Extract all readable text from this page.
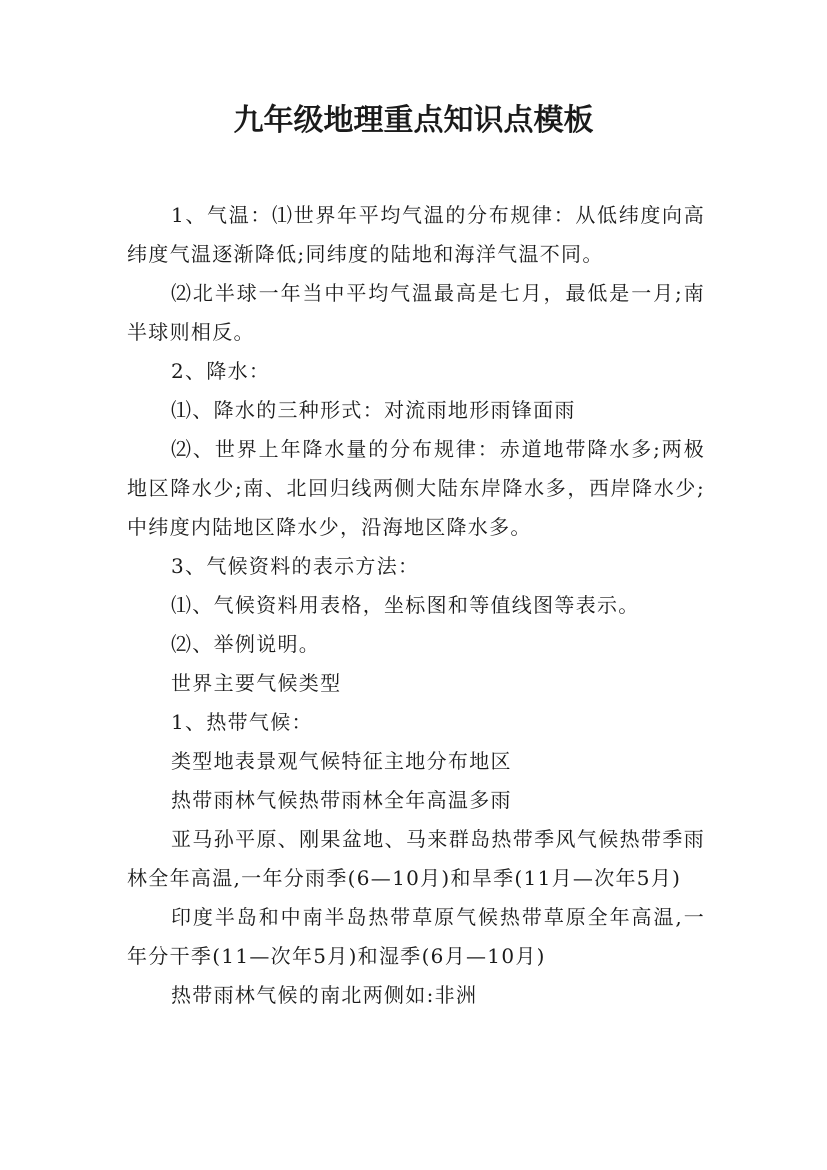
九年级地理重点知识点模板

1、气温：⑴世界年平均气温的分布规律：从低纬度向高纬度气温逐渐降低;同纬度的陆地和海洋气温不同。

⑵北半球一年当中平均气温最高是七月，最低是一月;南半球则相反。

2、降水：

⑴、降水的三种形式：对流雨地形雨锋面雨

⑵、世界上年降水量的分布规律：赤道地带降水多;两极地区降水少;南、北回归线两侧大陆东岸降水多，西岸降水少;中纬度内陆地区降水少，沿海地区降水多。

3、气候资料的表示方法：

⑴、气候资料用表格，坐标图和等值线图等表示。

⑵、举例说明。

世界主要气候类型

1、热带气候：

类型地表景观气候特征主地分布地区

热带雨林气候热带雨林全年高温多雨

亚马孙平原、刚果盆地、马来群岛热带季风气候热带季雨林全年高温,一年分雨季(6—10月)和旱季(11月—次年5月)

印度半岛和中南半岛热带草原气候热带草原全年高温,一年分干季(11—次年5月)和湿季(6月—10月)

热带雨林气候的南北两侧如:非洲
